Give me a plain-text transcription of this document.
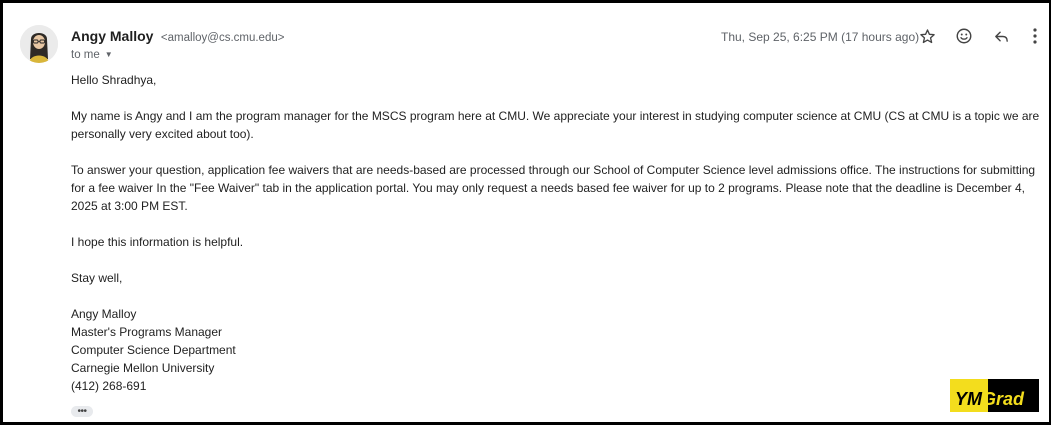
Angy Malloy <amalloy@cs.cmu.edu>
to me ▼
Thu, Sep 25, 6:25 PM (17 hours ago)

Hello Shradhya,

My name is Angy and I am the program manager for the MSCS program here at CMU. We appreciate your interest in studying computer science at CMU (CS at CMU is a topic we are personally very excited about too).

To answer your question, application fee waivers that are needs-based are processed through our School of Computer Science level admissions office. The instructions for submitting for a fee waiver In the "Fee Waiver" tab in the application portal. You may only request a needs based fee waiver for up to 2 programs. Please note that the deadline is December 4, 2025 at 3:00 PM EST.

I hope this information is helpful.

Stay well,

Angy Malloy
Master's Programs Manager
Computer Science Department
Carnegie Mellon University
(412) 268-691
•••
YMGrad
